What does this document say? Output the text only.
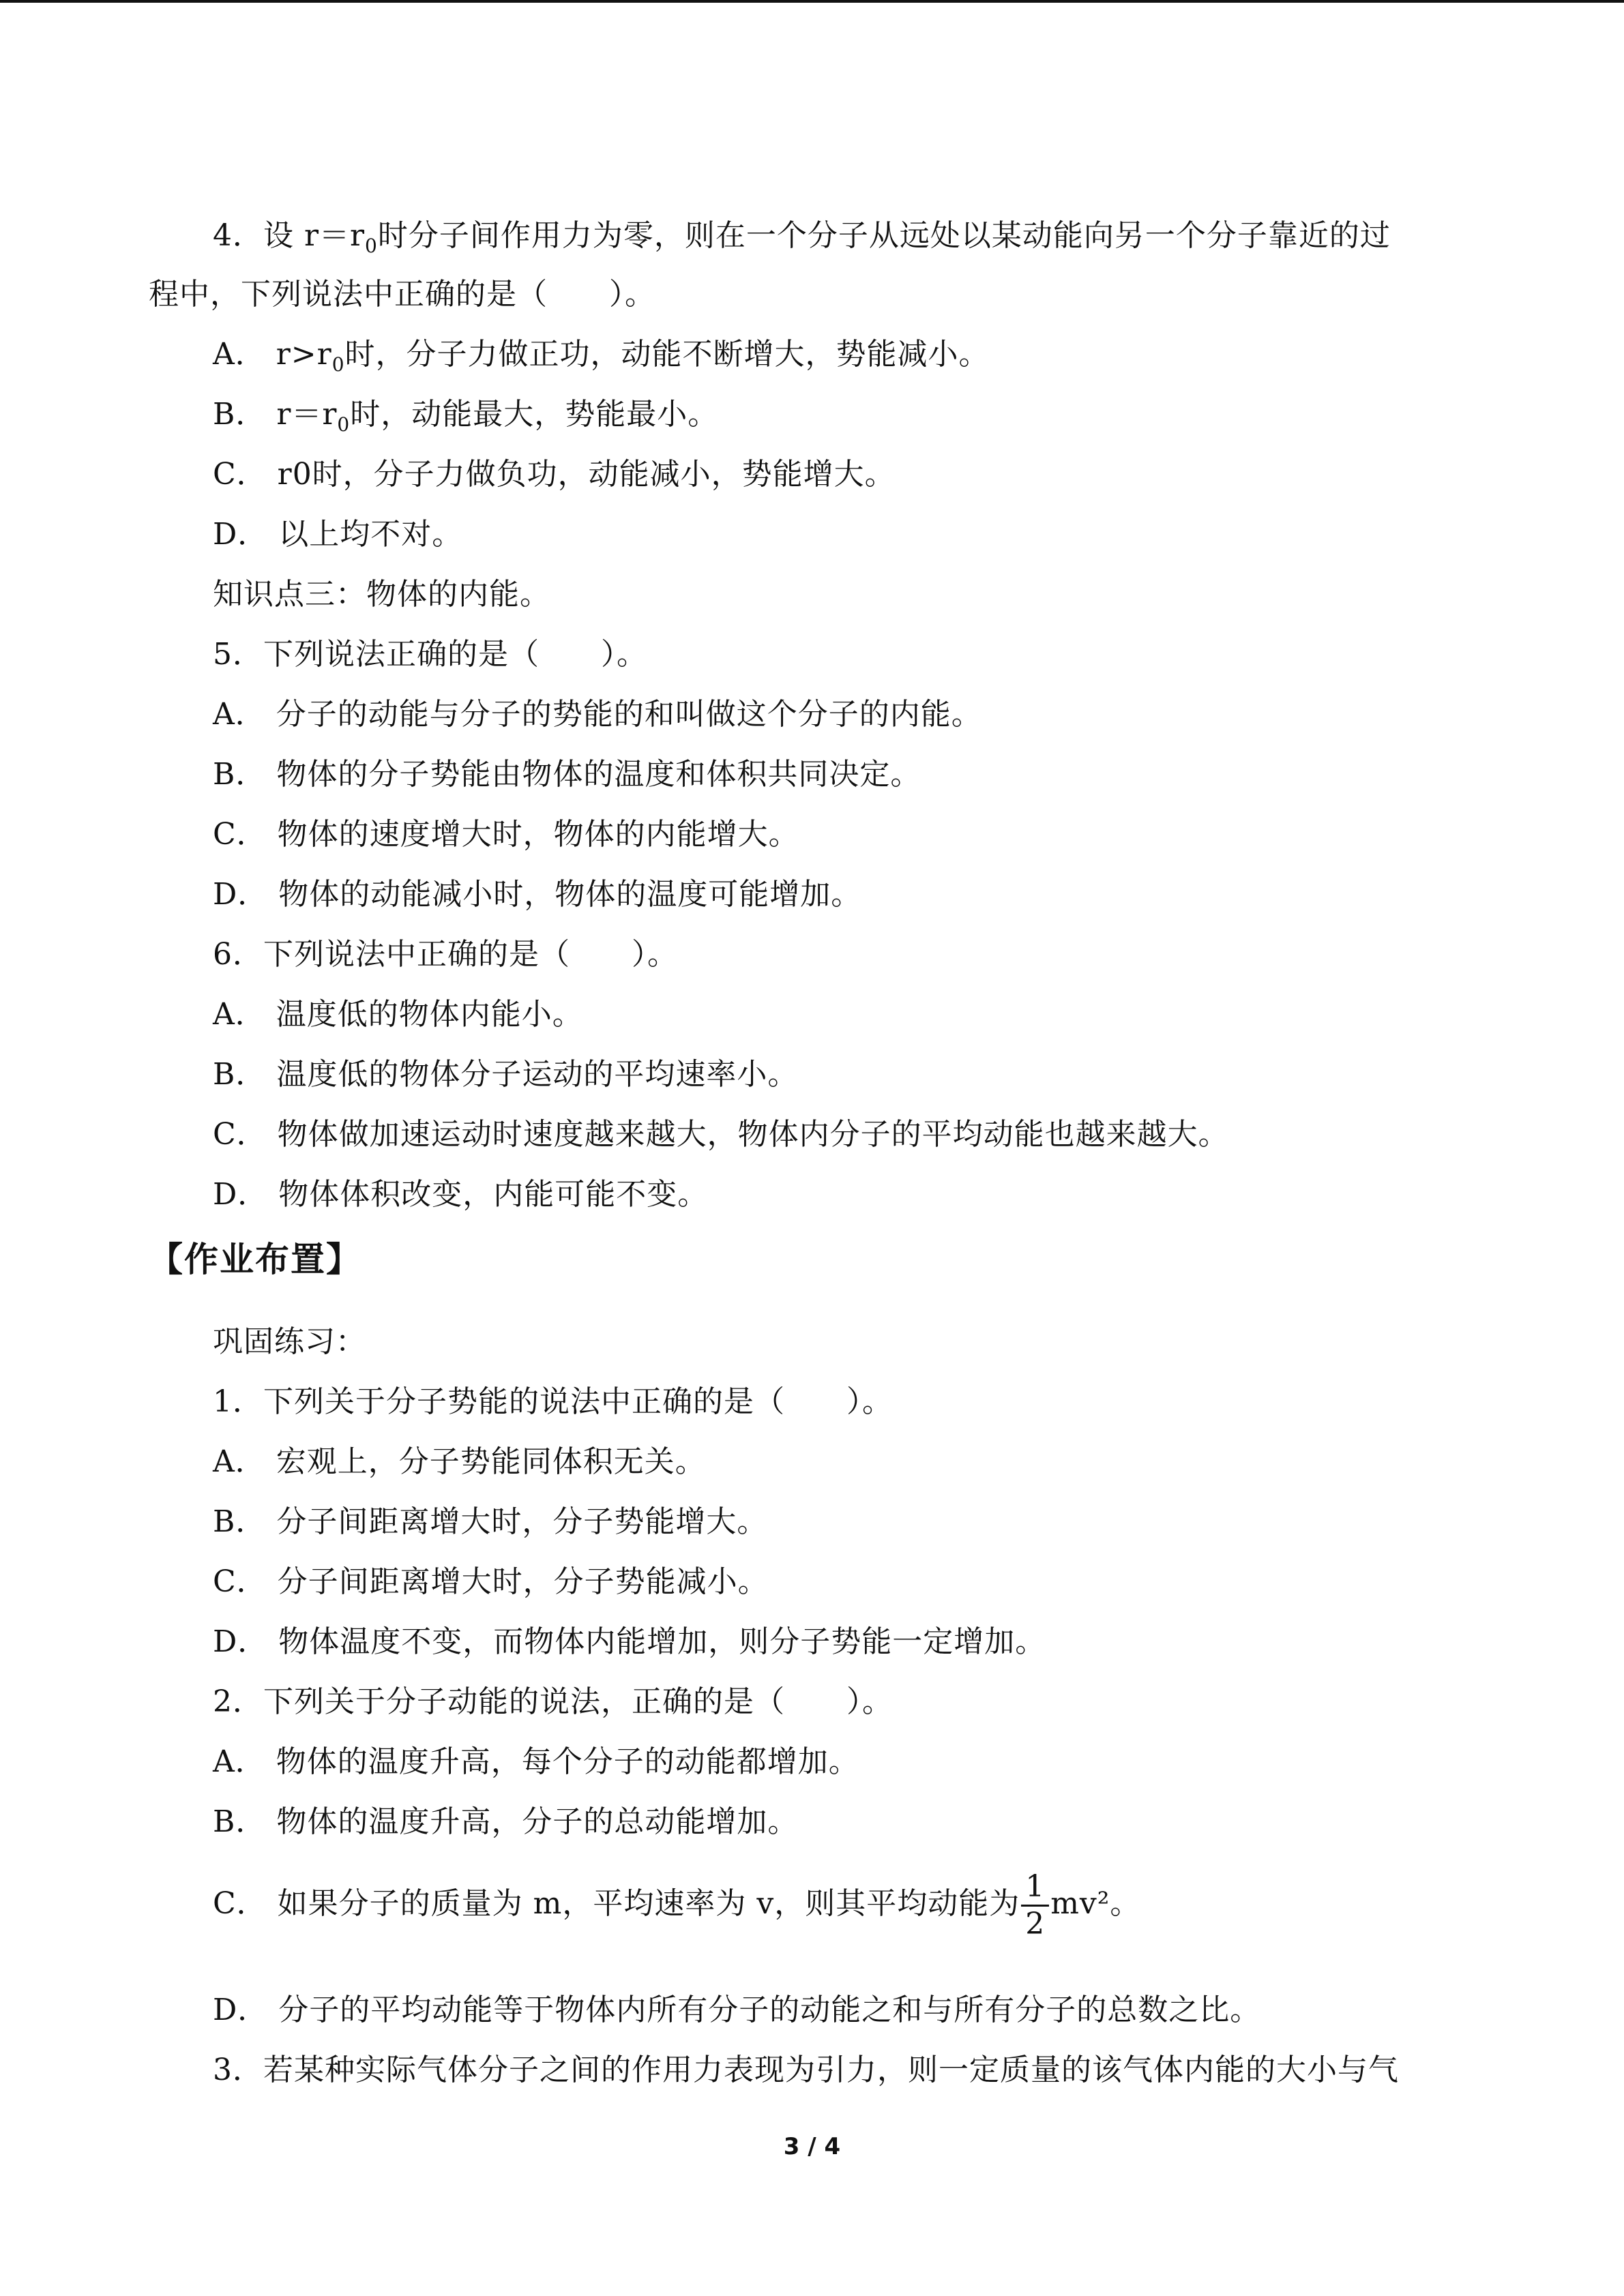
4．设 $r=r_0$时分子间作用力为零，则在一个分子从远处以某动能向另一个分子靠近的过
程中，下列说法中正确的是（　　）。
A． $r>r_0$时，分子力做正功，动能不断增大，势能减小。
B． $r=r_0$时，动能最大，势能最小。
C． r0时，分子力做负功，动能减小，势能增大。
D． 以上均不对。
知识点三：物体的内能。
5．下列说法正确的是（　　）。
A． 分子的动能与分子的势能的和叫做这个分子的内能。
B． 物体的分子势能由物体的温度和体积共同决定。
C． 物体的速度增大时，物体的内能增大。
D． 物体的动能减小时，物体的温度可能增加。
6．下列说法中正确的是（　　）。
A． 温度低的物体内能小。
B． 温度低的物体分子运动的平均速率小。
C． 物体做加速运动时速度越来越大，物体内分子的平均动能也越来越大。
D． 物体体积改变，内能可能不变。
【作业布置】
巩固练习：
1．下列关于分子势能的说法中正确的是（　　）。
A． 宏观上，分子势能同体积无关。
B． 分子间距离增大时，分子势能增大。
C． 分子间距离增大时，分子势能减小。
D． 物体温度不变，而物体内能增加，则分子势能一定增加。
2．下列关于分子动能的说法，正确的是（　　）。
A． 物体的温度升高，每个分子的动能都增加。
B． 物体的温度升高，分子的总动能增加。
C． 如果分子的质量为 m，平均速率为 v，则其平均动能为 $\frac{1}{2} mv^2$。
D． 分子的平均动能等于物体内所有分子的动能之和与所有分子的总数之比。
3．若某种实际气体分子之间的作用力表现为引力，则一定质量的该气体内能的大小与气
3 / 4
